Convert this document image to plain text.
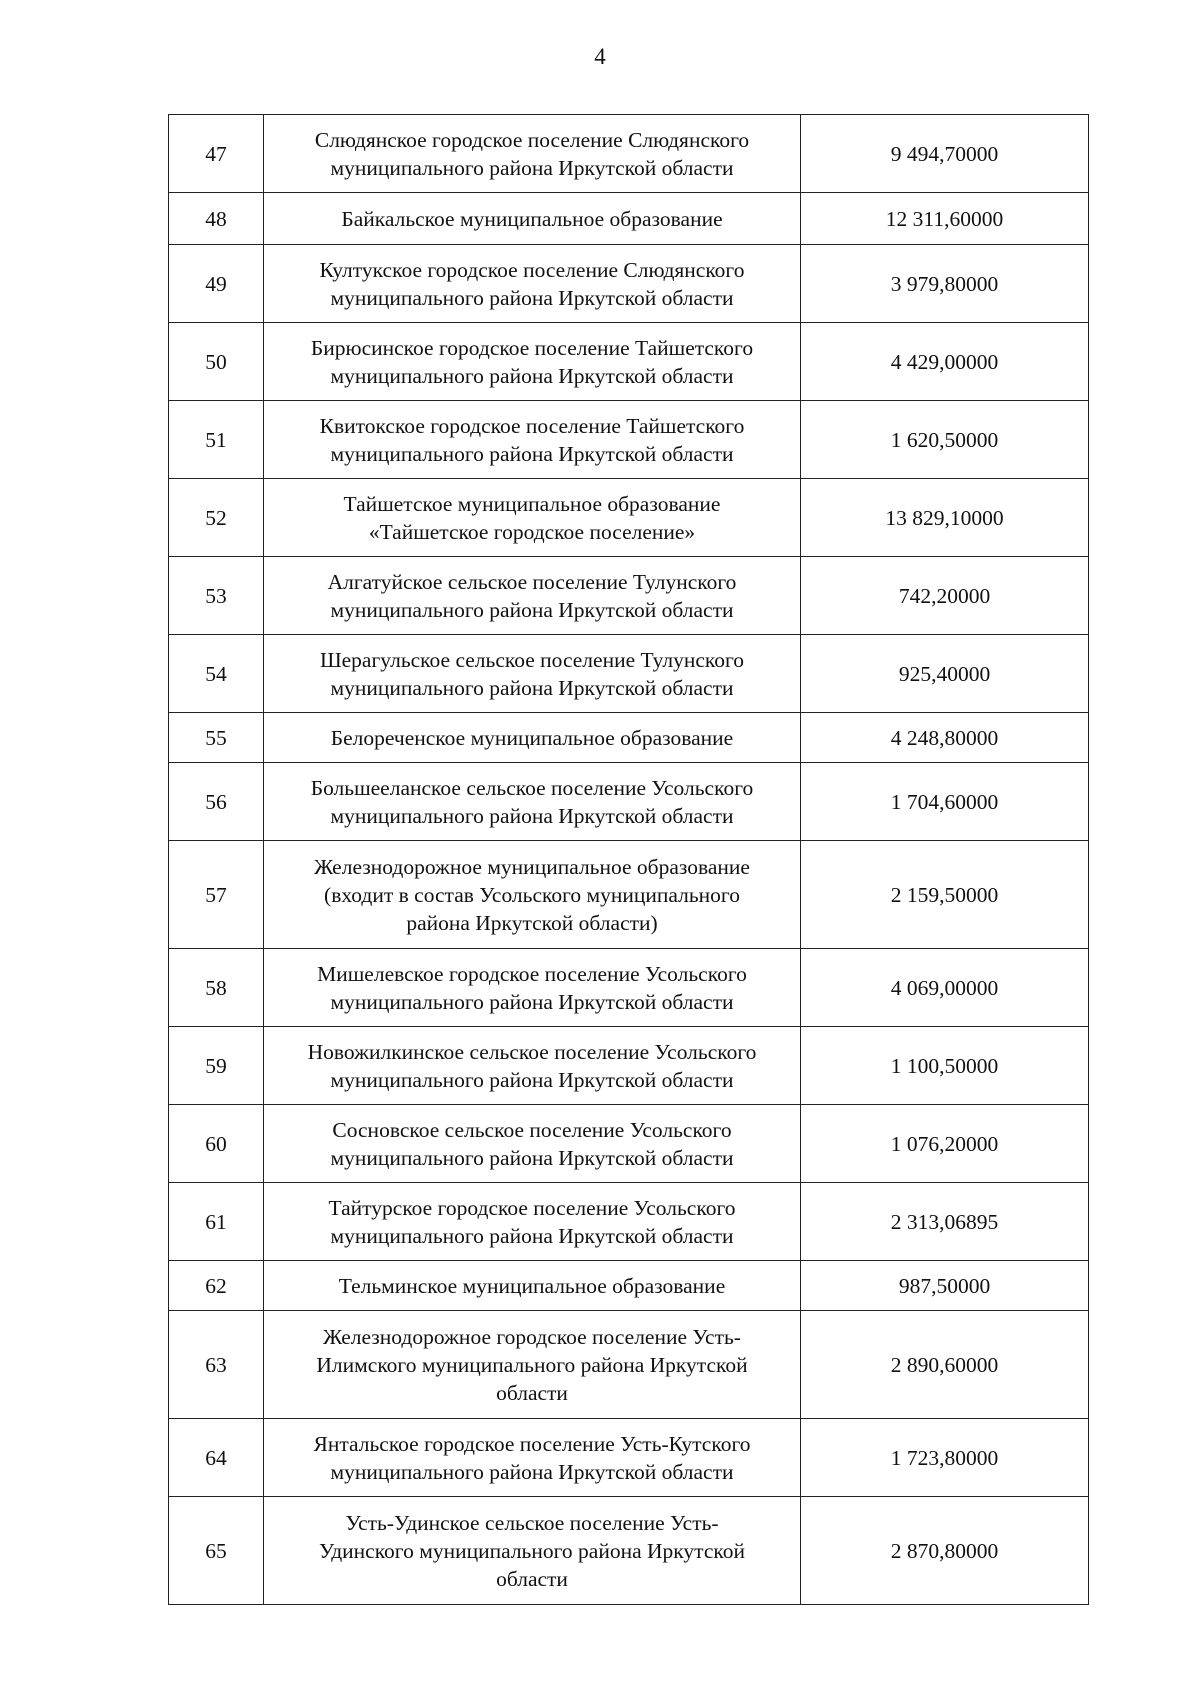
4
47	Слюдянское городское поселение Слюдянского
муниципального района Иркутской области	9 494,70000
48	Байкальское муниципальное образование	12 311,60000
49	Култукское городское поселение Слюдянского
муниципального района Иркутской области	3 979,80000
50	Бирюсинское городское поселение Тайшетского
муниципального района Иркутской области	4 429,00000
51	Квитокское городское поселение Тайшетского
муниципального района Иркутской области	1 620,50000
52	Тайшетское муниципальное образование
«Тайшетское городское поселение»	13 829,10000
53	Алгатуйское сельское поселение Тулунского
муниципального района Иркутской области	742,20000
54	Шерагульское сельское поселение Тулунского
муниципального района Иркутской области	925,40000
55	Белореченское муниципальное образование	4 248,80000
56	Большееланское сельское поселение Усольского
муниципального района Иркутской области	1 704,60000
57	Железнодорожное муниципальное образование
(входит в состав Усольского муниципального
района Иркутской области)	2 159,50000
58	Мишелевское городское поселение Усольского
муниципального района Иркутской области	4 069,00000
59	Новожилкинское сельское поселение Усольского
муниципального района Иркутской области	1 100,50000
60	Сосновское сельское поселение Усольского
муниципального района Иркутской области	1 076,20000
61	Тайтурское городское поселение Усольского
муниципального района Иркутской области	2 313,06895
62	Тельминское муниципальное образование	987,50000
63	Железнодорожное городское поселение Усть-
Илимского муниципального района Иркутской
области	2 890,60000
64	Янтальское городское поселение Усть-Кутского
муниципального района Иркутской области	1 723,80000
65	Усть-Удинское сельское поселение Усть-
Удинского муниципального района Иркутской
области	2 870,80000
